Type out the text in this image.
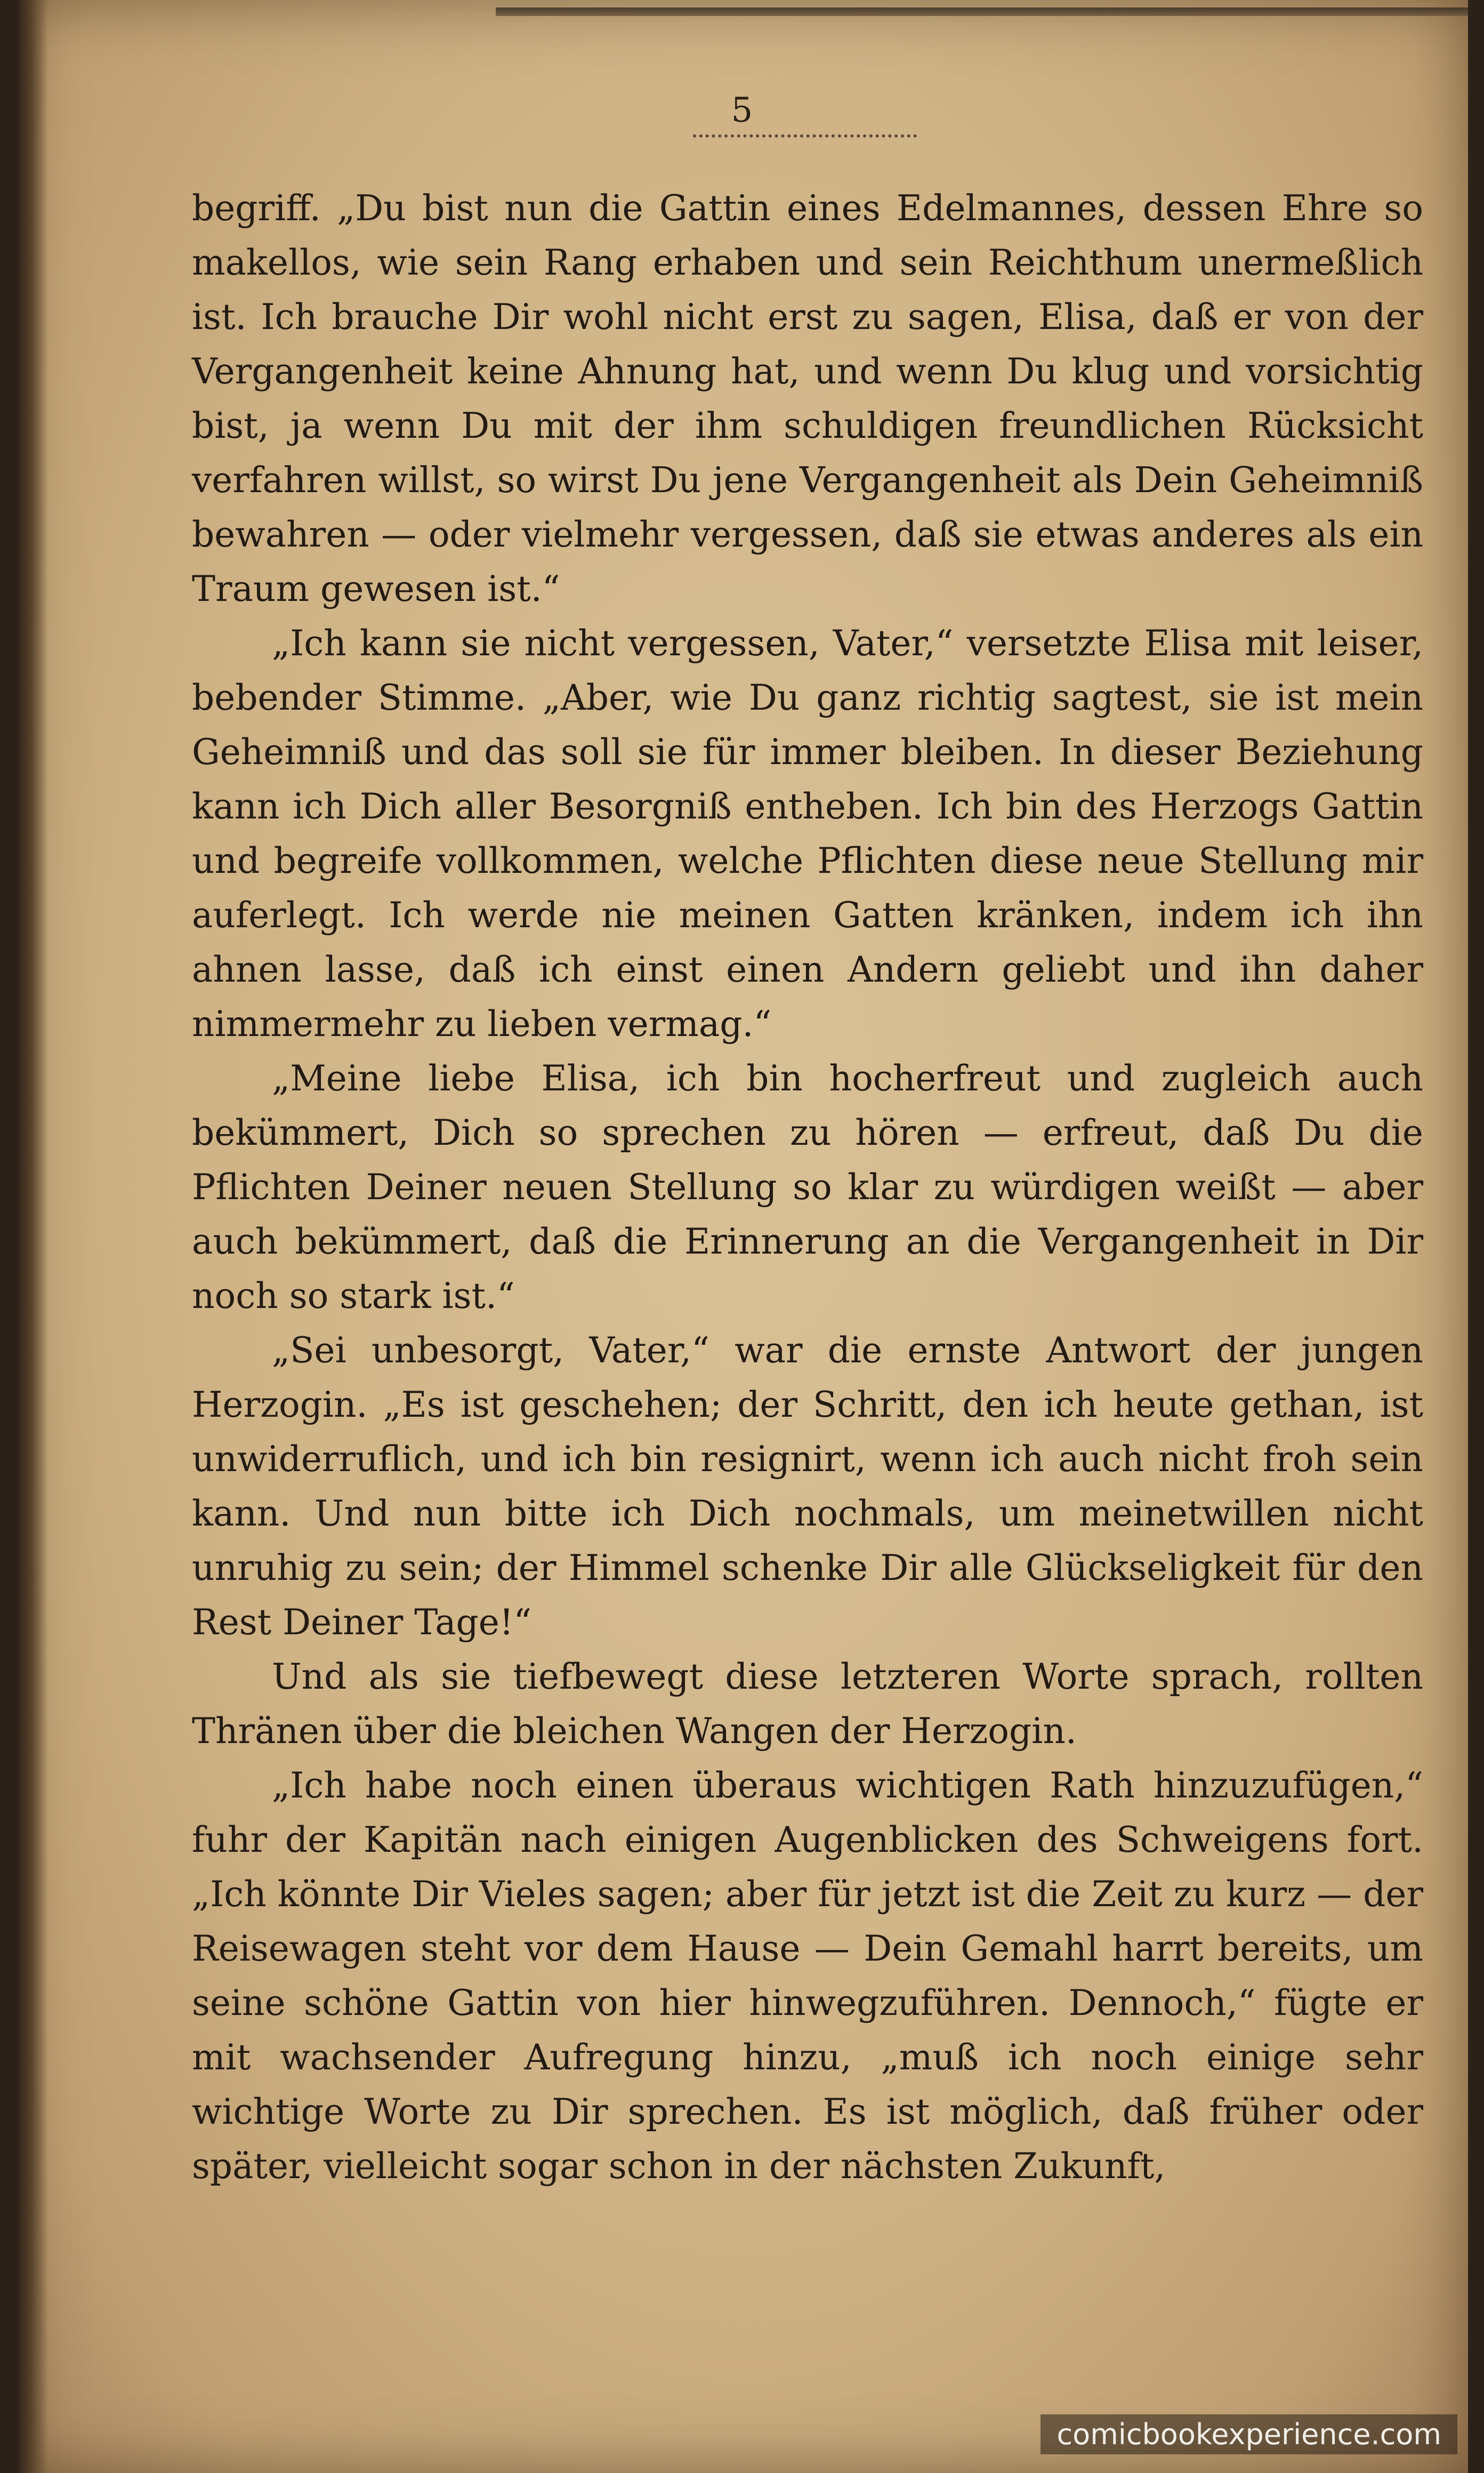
5

begriff. „Du bist nun die Gattin eines Edelmannes, dessen Ehre so makellos, wie sein Rang erhaben und sein Reichthum unermeßlich ist. Ich brauche Dir wohl nicht erst zu sagen, Elisa, daß er von der Vergangenheit keine Ahnung hat, und wenn Du klug und vorsichtig bist, ja wenn Du mit der ihm schuldigen freundlichen Rücksicht verfahren willst, so wirst Du jene Vergangenheit als Dein Geheimniß bewahren — oder vielmehr vergessen, daß sie etwas anderes als ein Traum gewesen ist.“

„Ich kann sie nicht vergessen, Vater,“ versetzte Elisa mit leiser, bebender Stimme. „Aber, wie Du ganz richtig sagtest, sie ist mein Geheimniß und das soll sie für immer bleiben. In dieser Beziehung kann ich Dich aller Besorgniß entheben. Ich bin des Herzogs Gattin und begreife vollkommen, welche Pflichten diese neue Stellung mir auferlegt. Ich werde nie meinen Gatten kränken, indem ich ihn ahnen lasse, daß ich einst einen Andern geliebt und ihn daher nimmermehr zu lieben vermag.“

„Meine liebe Elisa, ich bin hocherfreut und zugleich auch bekümmert, Dich so sprechen zu hören — erfreut, daß Du die Pflichten Deiner neuen Stellung so klar zu würdigen weißt — aber auch bekümmert, daß die Erinnerung an die Vergangenheit in Dir noch so stark ist.“

„Sei unbesorgt, Vater,“ war die ernste Antwort der jungen Herzogin. „Es ist geschehen; der Schritt, den ich heute gethan, ist unwiderruflich, und ich bin resignirt, wenn ich auch nicht froh sein kann. Und nun bitte ich Dich nochmals, um meinetwillen nicht unruhig zu sein; der Himmel schenke Dir alle Glückseligkeit für den Rest Deiner Tage!“

Und als sie tiefbewegt diese letzteren Worte sprach, rollten Thränen über die bleichen Wangen der Herzogin.

„Ich habe noch einen überaus wichtigen Rath hinzuzufügen,“ fuhr der Kapitän nach einigen Augenblicken des Schweigens fort. „Ich könnte Dir Vieles sagen; aber für jetzt ist die Zeit zu kurz — der Reisewagen steht vor dem Hause — Dein Gemahl harrt bereits, um seine schöne Gattin von hier hinwegzuführen. Dennoch,“ fügte er mit wachsender Aufregung hinzu, „muß ich noch einige sehr wichtige Worte zu Dir sprechen. Es ist möglich, daß früher oder später, vielleicht sogar schon in der nächsten Zukunft,

comicbookexperience.com
